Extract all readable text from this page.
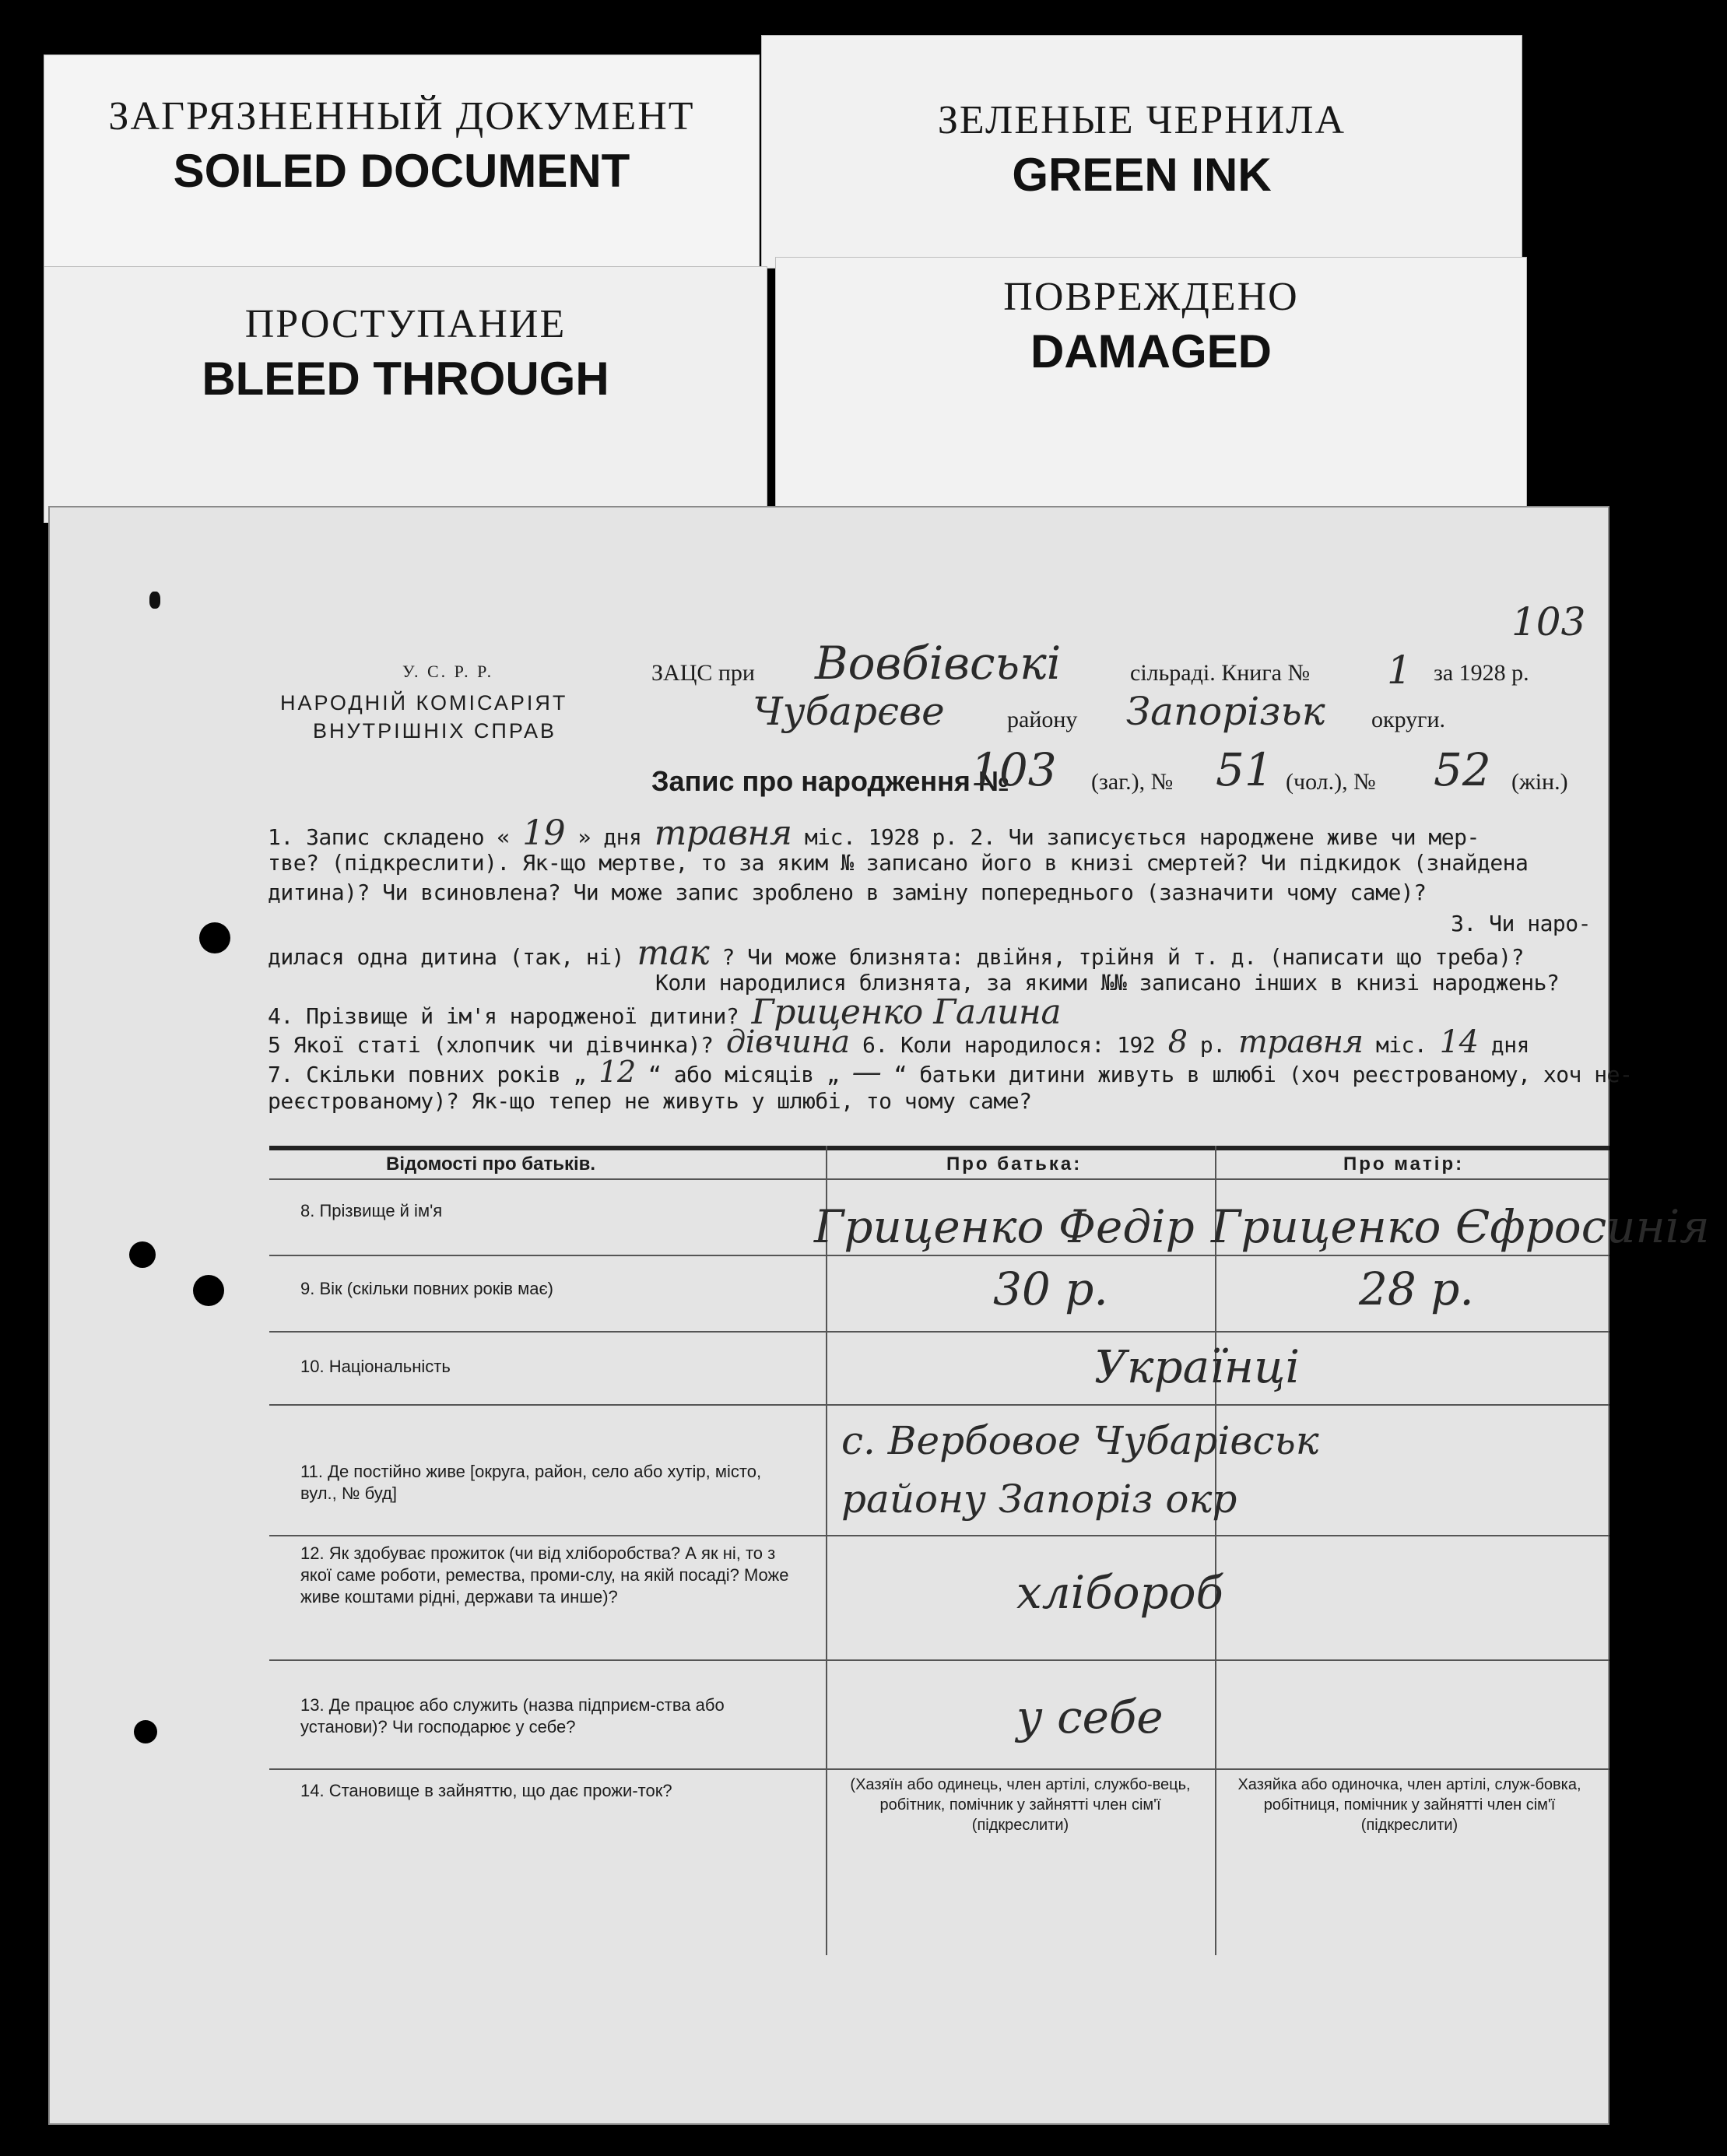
ЗАГРЯЗНЕННЫЙ ДОКУМЕНТ
SOILED DOCUMENT
ЗЕЛЕНЫЕ ЧЕРНИЛА
GREEN INK
ПРОСТУПАНИЕ
BLEED THROUGH
ПОВРЕЖДЕНО
DAMAGED
103
У. С. Р. Р.
НАРОДНІЙ КОМІСАРІЯТ
ВНУТРІШНІХ СПРАВ
ЗАЦС при Вовбівські	сільраді. Книга № 1 за 1928 р.
Чубарєве	району Запорізьк округи.
Запис про народження №
103 (заг.), № 51 (чол.), № 52 (жін.)
1. Запис складено « 19 » дня травня міс. 1928 р. 2. Чи записується народжене живе чи мер-
тве? (підкреслити). Як-що мертве, то за яким № записано його в книзі смертей? Чи підкидок (знайдена
дитина)? Чи всиновлена? Чи може запис зроблено в заміну попереднього (зазначити чому саме)?
3. Чи наро-
дилася одна дитина (так, ні) так ? Чи може близнята: двійня, трійня й т. д. (написати що треба)?
Коли народилися близнята, за якими №№ записано інших в книзі народжень?
4. Прізвище й ім'я народженої дитини? Гриценко Галина
5 Якої статі (хлопчик чи дівчинка)? дівчина 6. Коли народилося: 192 8 р. травня міс. 14 дня
7. Скільки повних років „ 12 “ або місяців „ — “ батьки дитини живуть в шлюбі (хоч реєстрованому, хоч не-
реєстрованому)? Як-що тепер не живуть у шлюбі, то чому саме?
Відомості про батьків.	Про батька:	Про матір:
8. Прізвище й ім'я	Гриценко Федір Гриценко Єфросинія
9. Вік (скільки повних років має)	30 р.	28 р.
10. Національність	Українці
11. Де постійно живе [округа, район, село або хутір, місто, вул., № буд]
с. Вербовое Чубарівськ
району Запоріз окр
12. Як здобуває прожиток (чи від хліборобства? А як ні, то з якої саме роботи, ремества, проми-слу, на якій посаді? Може живе коштами рідні, держави та инше)?	хлібороб
13. Де працює або служить (назва підприєм-ства або установи)? Чи господарює у себе?	у себе
14. Становище в зайняттю, що дає прожи-ток?	(Хазяїн або одинець, член артілі, службо-вець, робітник, помічник у зайнятті член сім'ї (підкреслити)
Хазяйка або одиночка, член артілі, служ-бовка, робітниця, помічник у зайнятті член сім'ї (підкреслити)
